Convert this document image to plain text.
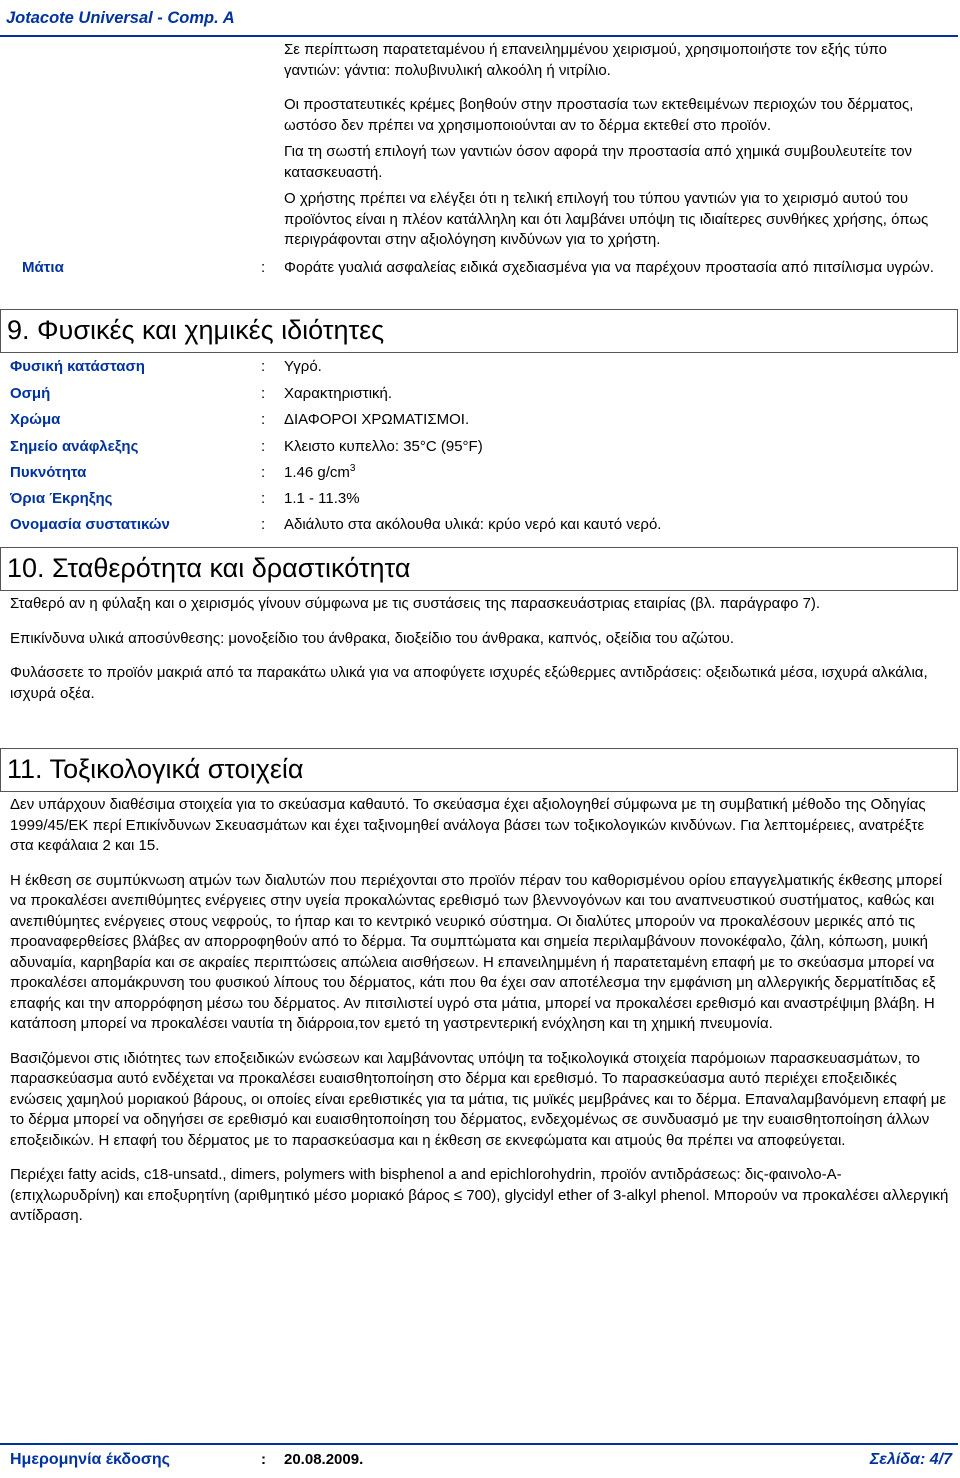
Jotacote Universal - Comp. A

Σε περίπτωση παρατεταμένου ή επανειλημμένου χειρισμού, χρησιμοποιήστε τον εξής τύπο γαντιών: γάντια: πολυβινυλική αλκοόλη ή νιτρίλιο.

Οι προστατευτικές κρέμες βοηθούν στην προστασία των εκτεθειμένων περιοχών του δέρματος, ωστόσο δεν πρέπει να χρησιμοποιούνται αν το δέρμα εκτεθεί στο προϊόν.

Για τη σωστή επιλογή των γαντιών όσον αφορά την προστασία από χημικά συμβουλευτείτε τον κατασκευαστή.

Ο χρήστης πρέπει να ελέγξει ότι η τελική επιλογή του τύπου γαντιών για το χειρισμό αυτού του προϊόντος είναι η πλέον κατάλληλη και ότι λαμβάνει υπόψη τις ιδιαίτερες συνθήκες χρήσης, όπως περιγράφονται στην αξιολόγηση κινδύνων για το χρήστη.

Μάτια	: Φοράτε γυαλιά ασφαλείας ειδικά σχεδιασμένα για να παρέχουν προστασία από πιτσίλισμα υγρών.
9. Φυσικές και χημικές ιδιότητες
Φυσική κατάσταση	: Υγρό.
Οσμή	: Χαρακτηριστική.
Χρώμα	: ΔΙΑΦΟΡΟΙ ΧΡΩΜΑΤΙΣΜΟΙ.
Σημείο ανάφλεξης	: Κλειστο κυπελλο: 35°C (95°F)
Πυκνότητα	: 1.46 $g/cm^3$
Όρια Έκρηξης	: 1.1 - 11.3%
Ονομασία συστατικών	: Αδιάλυτο στα ακόλουθα υλικά: κρύο νερό και καυτό νερό.
10. Σταθερότητα και δραστικότητα

Σταθερό αν η φύλαξη και ο χειρισμός γίνουν σύμφωνα με τις συστάσεις της παρασκευάστριας εταιρίας (βλ. παράγραφο 7).

Επικίνδυνα υλικά αποσύνθεσης: μονοξείδιο του άνθρακα, διοξείδιο του άνθρακα, καπνός, οξείδια του αζώτου.

Φυλάσσετε το προϊόν μακριά από τα παρακάτω υλικά για να αποφύγετε ισχυρές εξώθερμες αντιδράσεις: οξειδωτικά μέσα, ισχυρά αλκάλια, ισχυρά οξέα.

11. Τοξικολογικά στοιχεία

Δεν υπάρχουν διαθέσιμα στοιχεία για το σκεύασμα καθαυτό. Το σκεύασμα έχει αξιολογηθεί σύμφωνα με τη συμβατική μέθοδο της Οδηγίας 1999/45/ΕΚ περί Επικίνδυνων Σκευασμάτων και έχει ταξινομηθεί ανάλογα βάσει των τοξικολογικών κινδύνων. Για λεπτομέρειες, ανατρέξτε στα κεφάλαια 2 και 15.

Η έκθεση σε συμπύκνωση ατμών των διαλυτών που περιέχονται στο προϊόν πέραν του καθορισμένου ορίου επαγγελματικής έκθεσης μπορεί να προκαλέσει ανεπιθύμητες ενέργειες στην υγεία προκαλώντας ερεθισμό των βλεννογόνων και του αναπνευστικού συστήματος, καθώς και ανεπιθύμητες ενέργειες στους νεφρούς, το ήπαρ και το κεντρικό νευρικό σύστημα. Οι διαλύτες μπορούν να προκαλέσουν μερικές από τις προαναφερθείσες βλάβες αν απορροφηθούν από το δέρμα. Τα συμπτώματα και σημεία περιλαμβάνουν πονοκέφαλο, ζάλη, κόπωση, μυική αδυναμία, καρηβαρία και σε ακραίες περιπτώσεις απώλεια αισθήσεων. Η επανειλημμένη ή παρατεταμένη επαφή με το σκεύασμα μπορεί να προκαλέσει απομάκρυνση του φυσικού λίπους του δέρματος, κάτι που θα έχει σαν αποτέλεσμα την εμφάνιση μη αλλεργικής δερματίτιδας εξ επαφής και την απορρόφηση μέσω του δέρματος. Αν πιτσιλιστεί υγρό στα μάτια, μπορεί να προκαλέσει ερεθισμό και αναστρέψιμη βλάβη. Η κατάποση μπορεί να προκαλέσει ναυτία τη διάρροια,τον εμετό τη γαστρεντερική ενόχληση και τη χημική πνευμονία.

Βασιζόμενοι στις ιδιότητες των εποξειδικών ενώσεων και λαμβάνοντας υπόψη τα τοξικολογικά στοιχεία παρόμοιων παρασκευασμάτων, το παρασκεύασμα αυτό ενδέχεται να προκαλέσει ευαισθητοποίηση στο δέρμα και ερεθισμό. Το παρασκεύασμα αυτό περιέχει εποξειδικές ενώσεις χαμηλού μοριακού βάρους, οι οποίες είναι ερεθιστικές για τα μάτια, τις μυϊκές μεμβράνες και το δέρμα. Επαναλαμβανόμενη επαφή με το δέρμα μπορεί να οδηγήσει σε ερεθισμό και ευαισθητοποίηση του δέρματος, ενδεχομένως σε συνδυασμό με την ευαισθητοποίηση άλλων εποξειδικών. Η επαφή του δέρματος με το παρασκεύασμα και η έκθεση σε εκνεφώματα και ατμούς θα πρέπει να αποφεύγεται.

Περιέχει fatty acids, c18-unsatd., dimers, polymers with bisphenol a and epichlorohydrin, προϊόν αντιδράσεως: δις-φαινολο-Α-(επιχλωρυδρίνη) και εποξυρητίνη (αριθμητικό μέσο μοριακό βάρος ≤ 700), glycidyl ether of 3-alkyl phenol. Μπορούν να προκαλέσει αλλεργική αντίδραση.

Ημερομηνία έκδοσης	: 20.08.2009.	Σελίδα: 4/7
